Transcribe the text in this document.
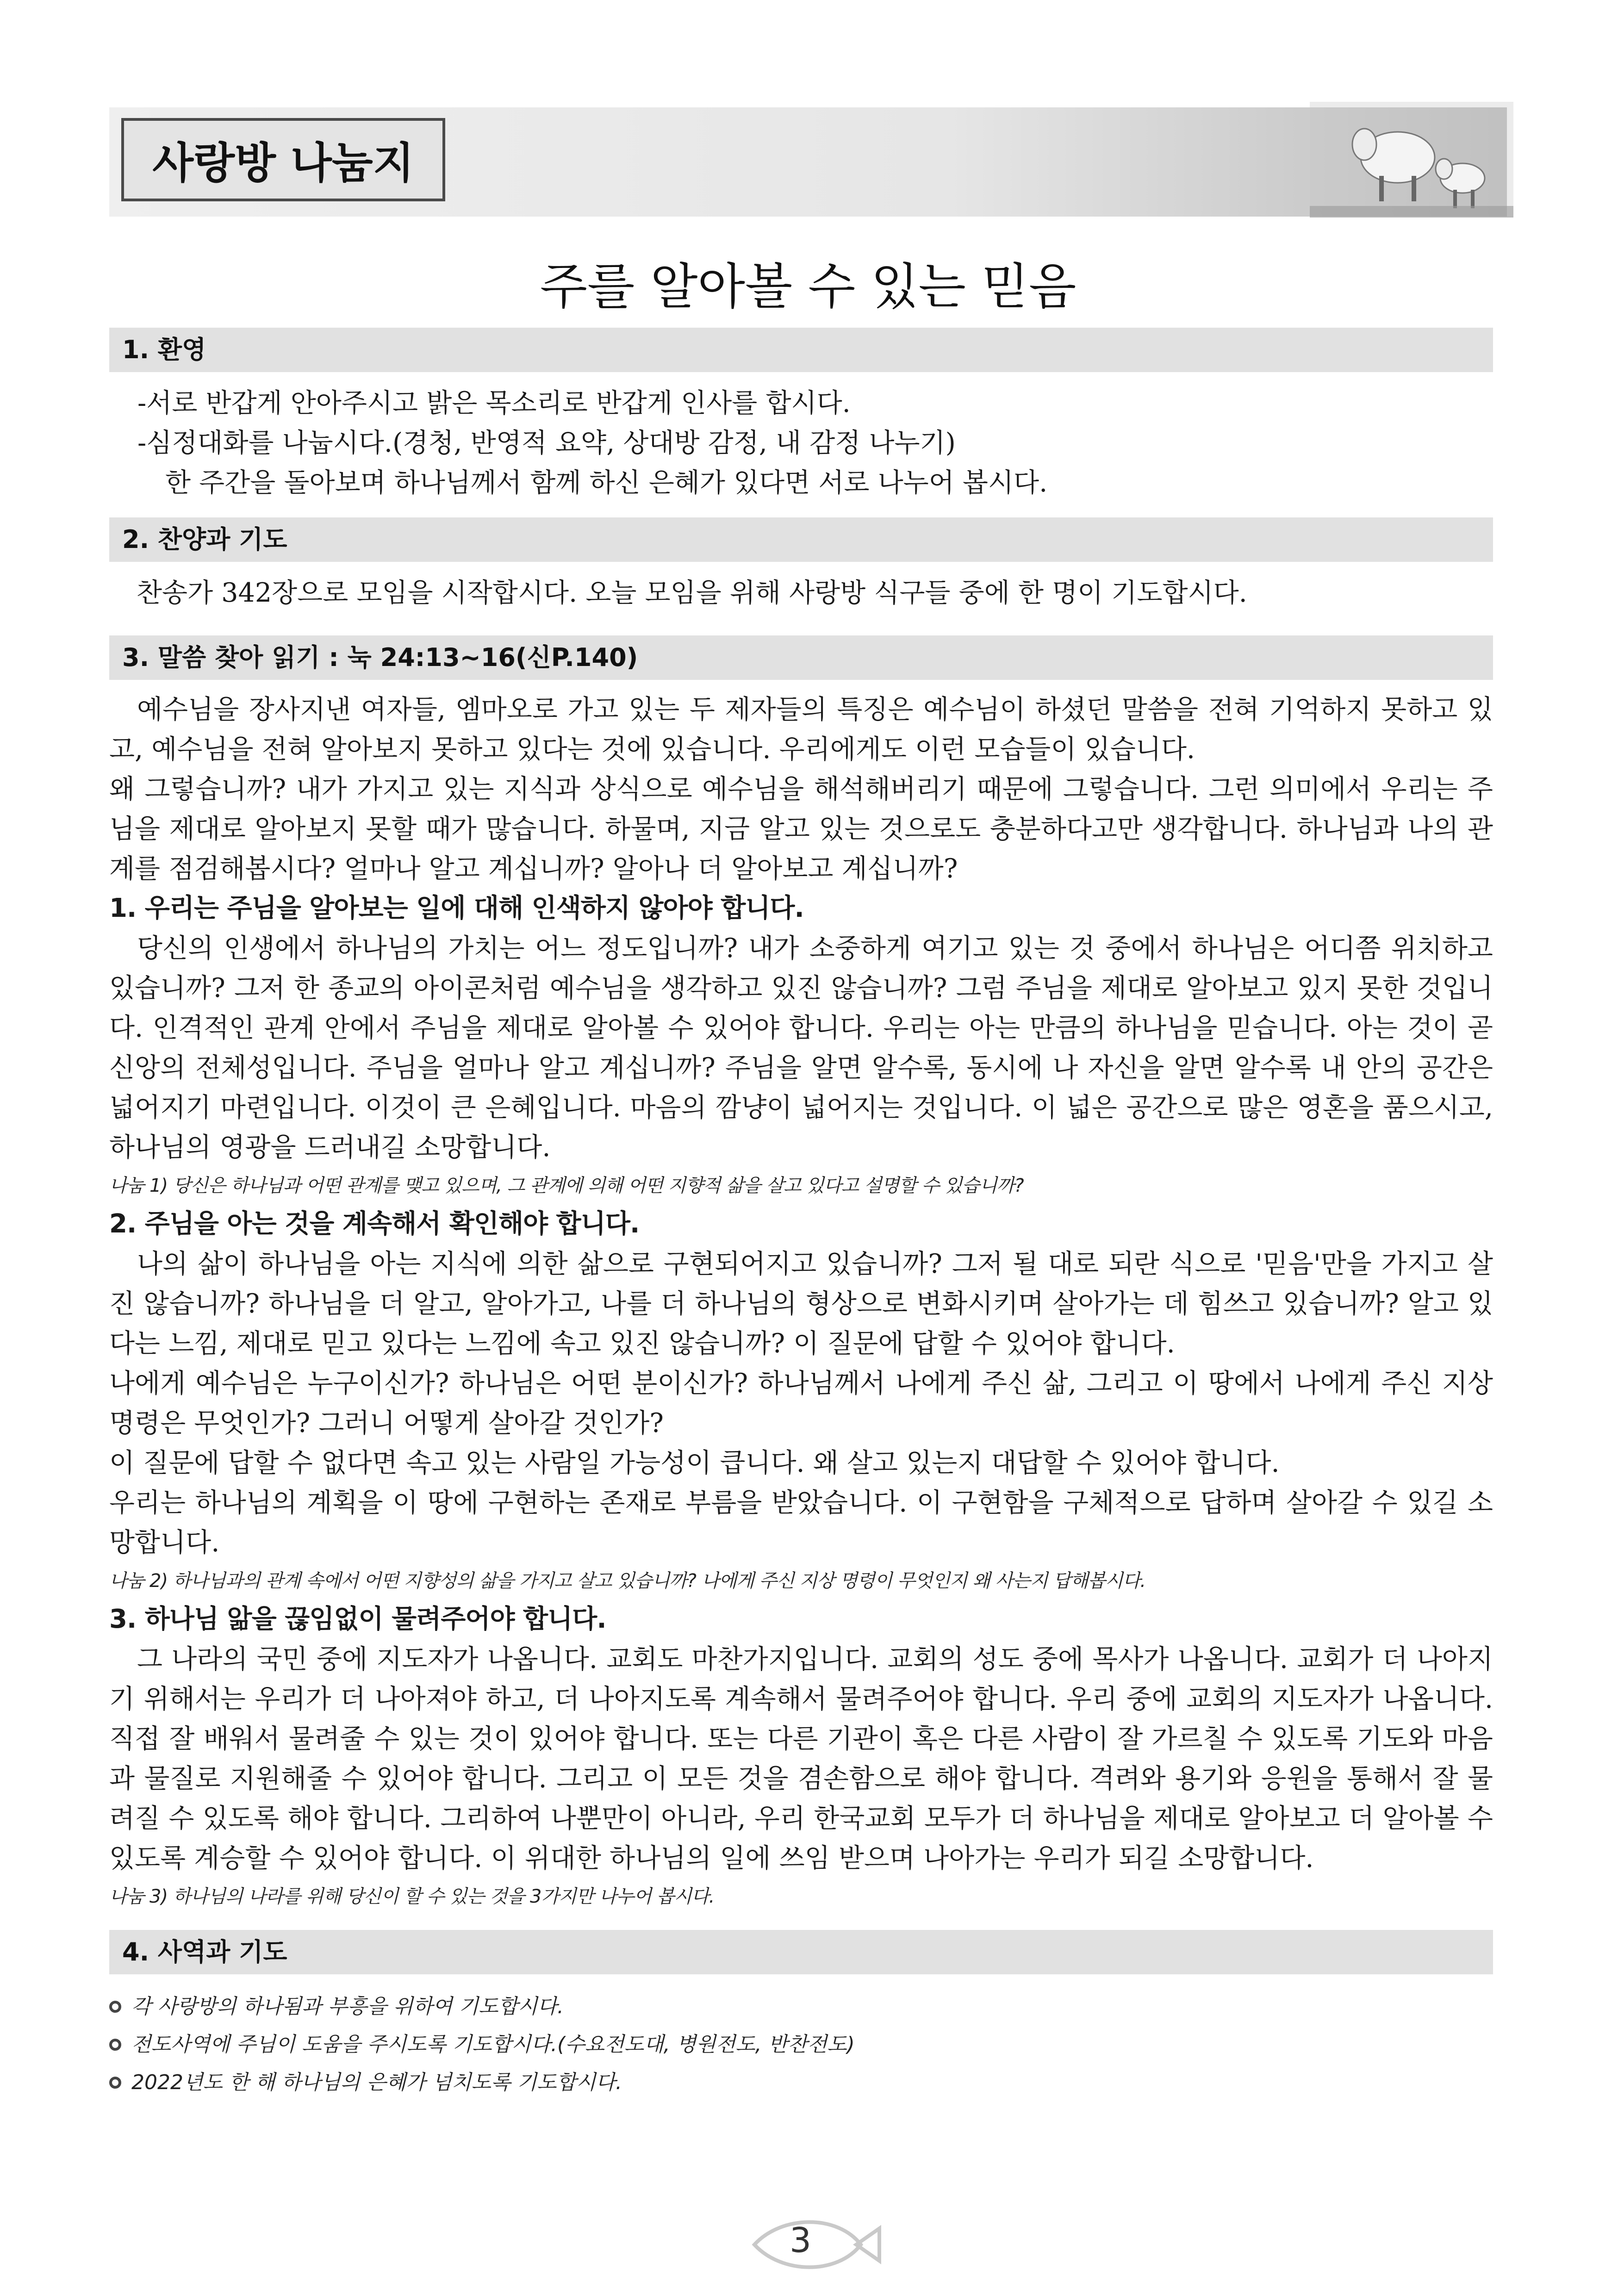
사랑방 나눔지
주를 알아볼 수 있는 믿음
1. 환영
-서로 반갑게 안아주시고 밝은 목소리로 반갑게 인사를 합시다.
-심정대화를 나눕시다.(경청, 반영적 요약, 상대방 감정, 내 감정 나누기)
한 주간을 돌아보며 하나님께서 함께 하신 은혜가 있다면 서로 나누어 봅시다.
2. 찬양과 기도
찬송가 342장으로 모임을 시작합시다. 오늘 모임을 위해 사랑방 식구들 중에 한 명이 기도합시다.
3. 말씀 찾아 읽기 : 눅 24:13~16(신P.140)

예수님을 장사지낸 여자들, 엠마오로 가고 있는 두 제자들의 특징은 예수님이 하셨던 말씀을 전혀 기억하지 못하고 있고, 예수님을 전혀 알아보지 못하고 있다는 것에 있습니다. 우리에게도 이런 모습들이 있습니다.

왜 그렇습니까? 내가 가지고 있는 지식과 상식으로 예수님을 해석해버리기 때문에 그렇습니다. 그런 의미에서 우리는 주님을 제대로 알아보지 못할 때가 많습니다. 하물며, 지금 알고 있는 것으로도 충분하다고만 생각합니다. 하나님과 나의 관계를 점검해봅시다? 얼마나 알고 계십니까? 알아나 더 알아보고 계십니까?

1. 우리는 주님을 알아보는 일에 대해 인색하지 않아야 합니다.

당신의 인생에서 하나님의 가치는 어느 정도입니까? 내가 소중하게 여기고 있는 것 중에서 하나님은 어디쯤 위치하고 있습니까? 그저 한 종교의 아이콘처럼 예수님을 생각하고 있진 않습니까? 그럼 주님을 제대로 알아보고 있지 못한 것입니다. 인격적인 관계 안에서 주님을 제대로 알아볼 수 있어야 합니다. 우리는 아는 만큼의 하나님을 믿습니다. 아는 것이 곧 신앙의 전체성입니다. 주님을 얼마나 알고 계십니까? 주님을 알면 알수록, 동시에 나 자신을 알면 알수록 내 안의 공간은 넓어지기 마련입니다. 이것이 큰 은혜입니다. 마음의 깜냥이 넓어지는 것입니다. 이 넓은 공간으로 많은 영혼을 품으시고, 하나님의 영광을 드러내길 소망합니다.

나눔 1) 당신은 하나님과 어떤 관계를 맺고 있으며, 그 관계에 의해 어떤 지향적 삶을 살고 있다고 설명할 수 있습니까?
2. 주님을 아는 것을 계속해서 확인해야 합니다.

나의 삶이 하나님을 아는 지식에 의한 삶으로 구현되어지고 있습니까? 그저 될 대로 되란 식으로 '믿음'만을 가지고 살진 않습니까? 하나님을 더 알고, 알아가고, 나를 더 하나님의 형상으로 변화시키며 살아가는 데 힘쓰고 있습니까? 알고 있다는 느낌, 제대로 믿고 있다는 느낌에 속고 있진 않습니까? 이 질문에 답할 수 있어야 합니다.

나에게 예수님은 누구이신가? 하나님은 어떤 분이신가? 하나님께서 나에게 주신 삶, 그리고 이 땅에서 나에게 주신 지상 명령은 무엇인가? 그러니 어떻게 살아갈 것인가?

이 질문에 답할 수 없다면 속고 있는 사람일 가능성이 큽니다. 왜 살고 있는지 대답할 수 있어야 합니다.

우리는 하나님의 계획을 이 땅에 구현하는 존재로 부름을 받았습니다. 이 구현함을 구체적으로 답하며 살아갈 수 있길 소망합니다.

나눔 2) 하나님과의 관계 속에서 어떤 지향성의 삶을 가지고 살고 있습니까? 나에게 주신 지상 명령이 무엇인지 왜 사는지 답해봅시다.
3. 하나님 앎을 끊임없이 물려주어야 합니다.

그 나라의 국민 중에 지도자가 나옵니다. 교회도 마찬가지입니다. 교회의 성도 중에 목사가 나옵니다. 교회가 더 나아지기 위해서는 우리가 더 나아져야 하고, 더 나아지도록 계속해서 물려주어야 합니다. 우리 중에 교회의 지도자가 나옵니다. 직접 잘 배워서 물려줄 수 있는 것이 있어야 합니다. 또는 다른 기관이 혹은 다른 사람이 잘 가르칠 수 있도록 기도와 마음과 물질로 지원해줄 수 있어야 합니다. 그리고 이 모든 것을 겸손함으로 해야 합니다. 격려와 용기와 응원을 통해서 잘 물려질 수 있도록 해야 합니다. 그리하여 나뿐만이 아니라, 우리 한국교회 모두가 더 하나님을 제대로 알아보고 더 알아볼 수 있도록 계승할 수 있어야 합니다. 이 위대한 하나님의 일에 쓰임 받으며 나아가는 우리가 되길 소망합니다.

나눔 3) 하나님의 나라를 위해 당신이 할 수 있는 것을 3가지만 나누어 봅시다.
4. 사역과 기도
각 사랑방의 하나됨과 부흥을 위하여 기도합시다.
전도사역에 주님이 도움을 주시도록 기도합시다.(수요전도대, 병원전도, 반찬전도)
2022년도 한 해 하나님의 은혜가 넘치도록 기도합시다.
3
